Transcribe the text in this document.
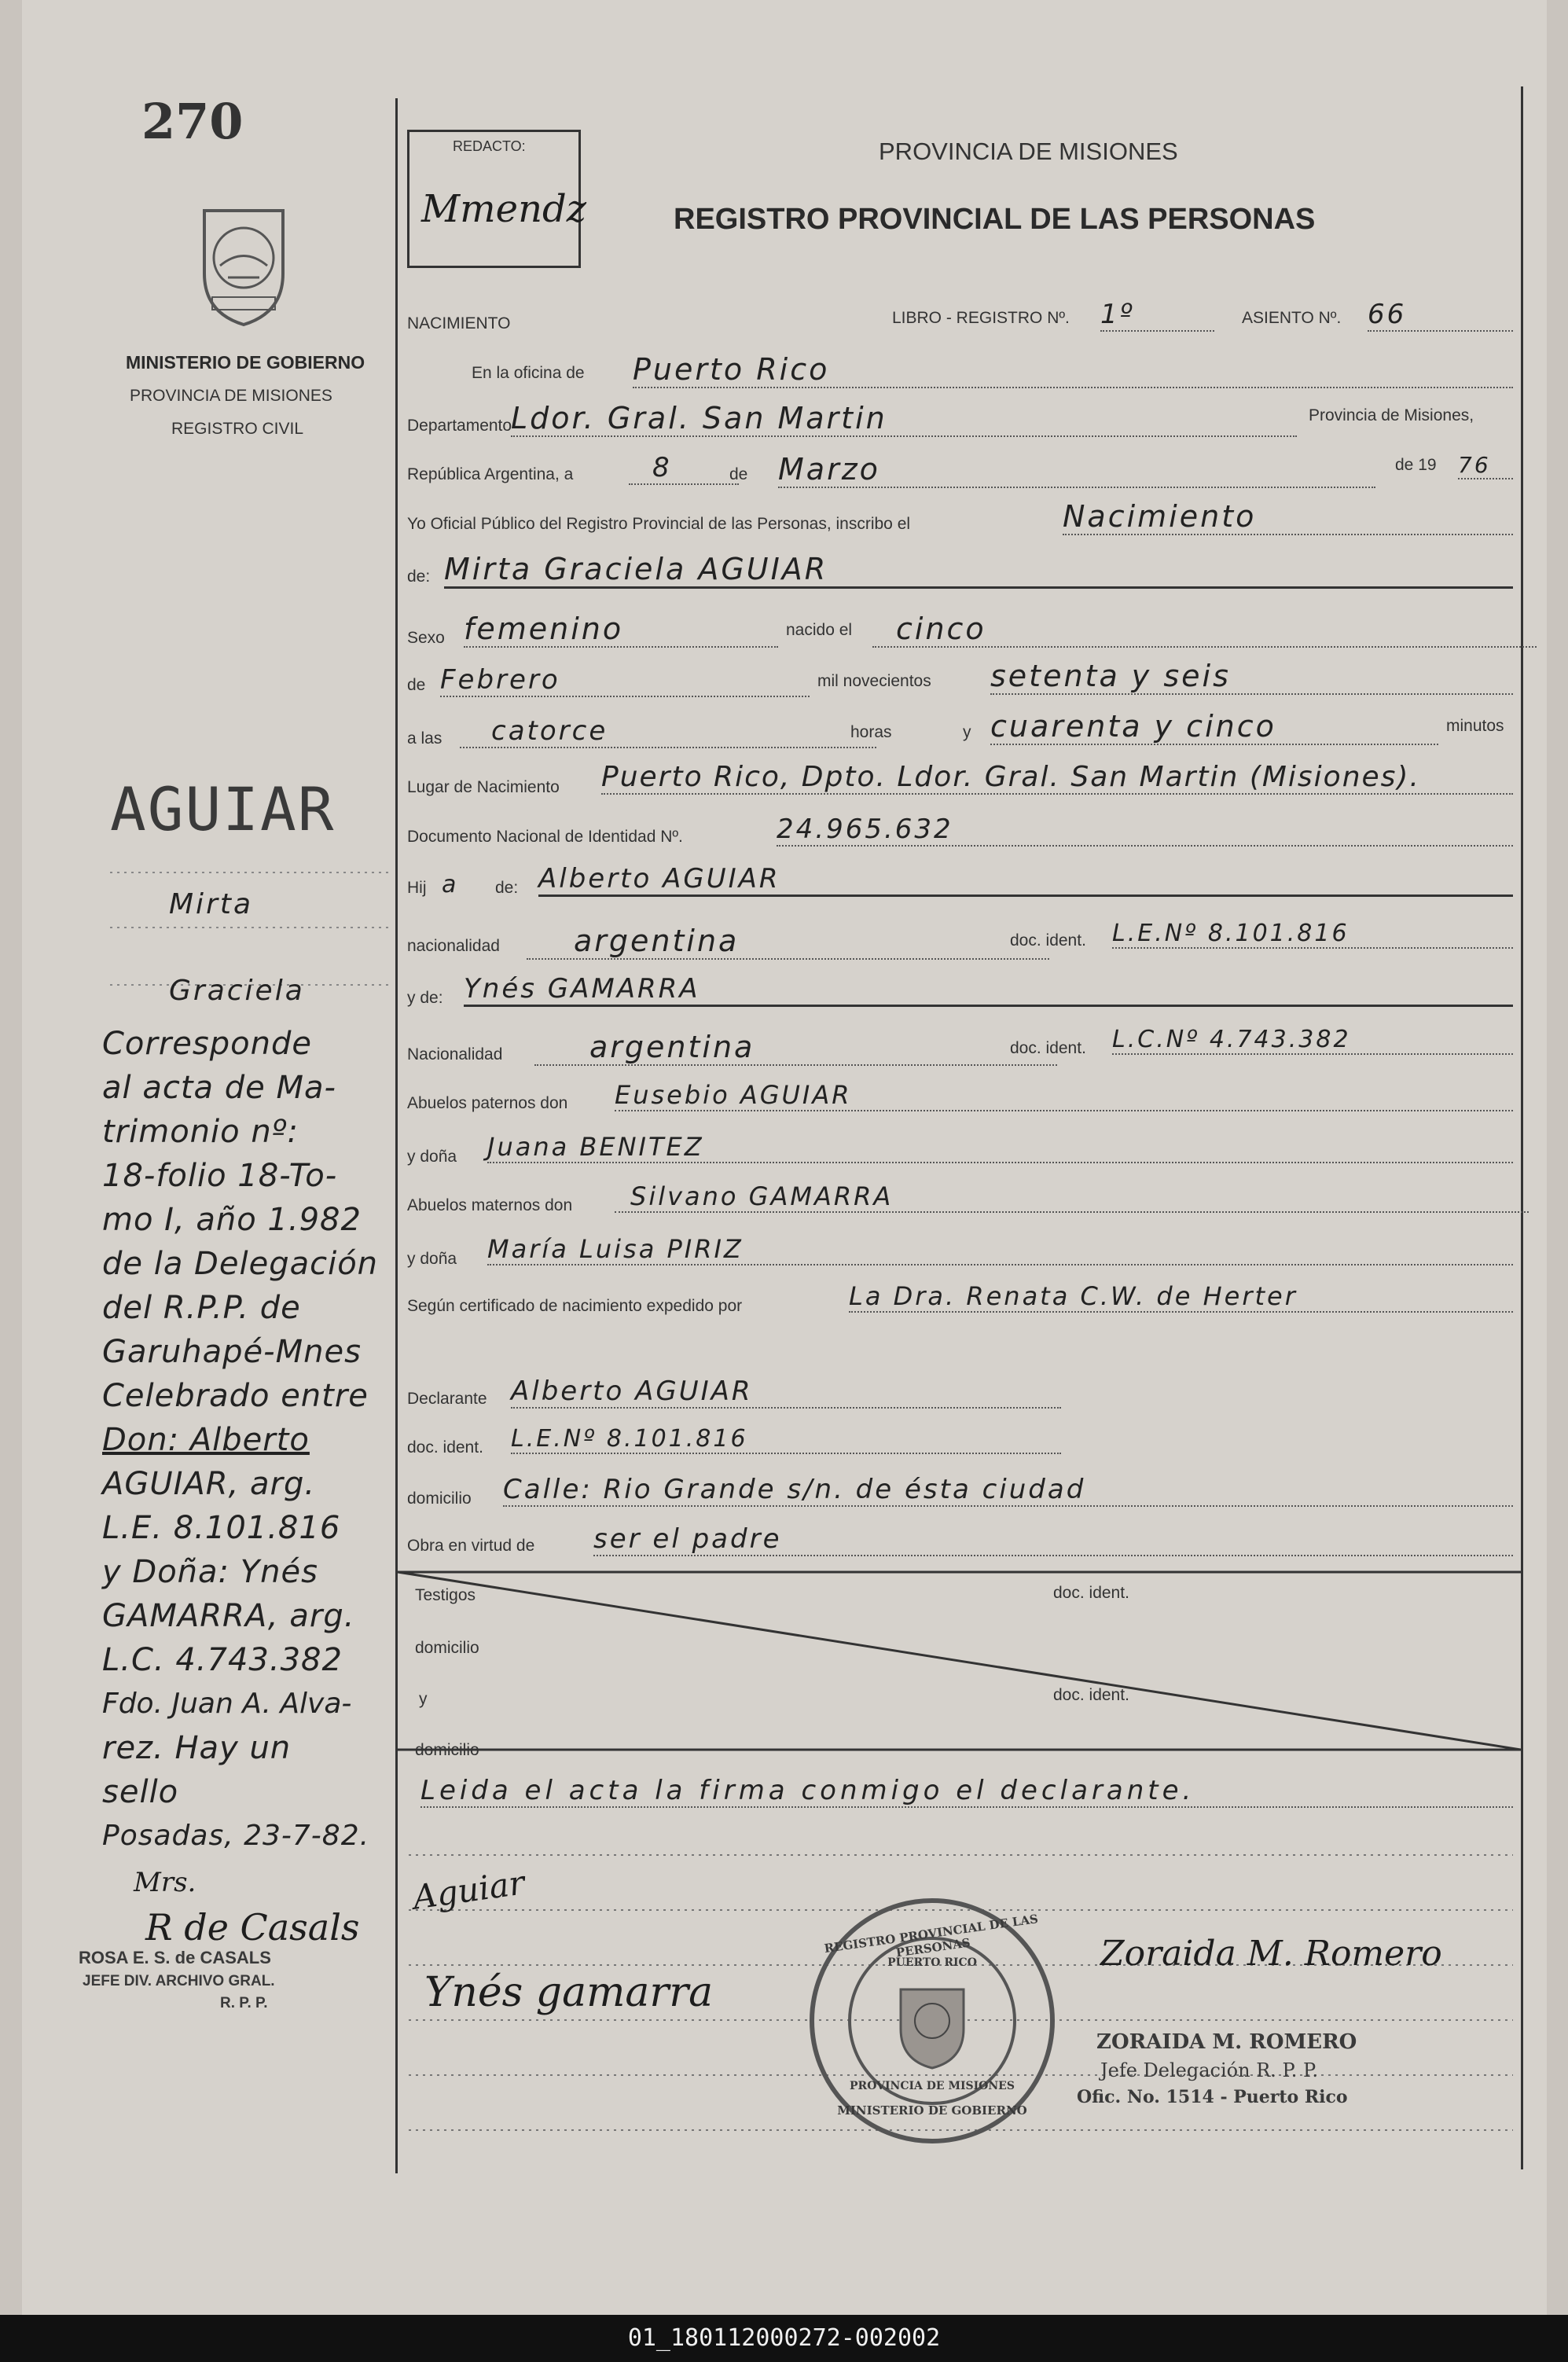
270
MINISTERIO DE GOBIERNO
PROVINCIA DE MISIONES
REGISTRO CIVIL
REDACTO:
Mmendz
PROVINCIA DE MISIONES
REGISTRO PROVINCIAL DE LAS PERSONAS
NACIMIENTO	LIBRO - REGISTRO Nº. 1º	ASIENTO Nº. 66
En la oficina de Puerto Rico
Departamento
Ldor. Gral. San Martin	Provincia de Misiones,
República Argentina, a	8	de Marzo	de 19 76
Yo Oficial Público del Registro Provincial de las Personas, inscribo el	Nacimiento
de: Mirta Graciela AGUIAR
Sexo femenino	nacido el	cinco
de Febrero	mil novecientos setenta y seis
a las	catorce	horas	y cuarenta y cinco	minutos
Lugar de Nacimiento Puerto Rico, Dpto. Ldor. Gral. San Martin (Misiones).
Documento Nacional de Identidad Nº.	24.965.632
Hij a de: Alberto AGUIAR
nacionalidad	argentina	doc. ident. L.E.Nº 8.101.816
y de: Ynés GAMARRA
Nacionalidad	argentina	doc. ident. L.C.Nº 4.743.382
Abuelos paternos don Eusebio AGUIAR
y doña Juana BENITEZ
Abuelos maternos don	Silvano GAMARRA
y doña María Luisa PIRIZ
Según certificado de nacimiento expedido por	La Dra. Renata C.W. de Herter
Declarante Alberto AGUIAR
doc. ident. L.E.Nº 8.101.816
domicilio Calle: Rio Grande s/n. de ésta ciudad
Obra en virtud de ser el padre
Testigos	doc. ident.
domicilio
y	doc. ident.
domicilio
Leida el acta la firma conmigo el declarante.
Aguiar
Ynés gamarra
Zoraida M. Romero
REGISTRO PROVINCIAL DE LAS PERSONAS
PUERTO RICO
PROVINCIA DE MISIONES
MINISTERIO DE GOBIERNO
ZORAIDA M. ROMERO
Jefe Delegación R. P. P.
Ofic. No. 1514 - Puerto Rico
AGUIAR
Mirta
Graciela
Corresponde
al acta de Ma-
trimonio nº:
18-folio 18-To-
mo I, año 1.982
de la Delegación
del R.P.P. de
Garuhapé-Mnes
Celebrado entre
Don: Alberto
AGUIAR, arg.
L.E. 8.101.816
y Doña: Ynés
GAMARRA, arg.
L.C. 4.743.382
Fdo. Juan A. Alva-
rez. Hay un
sello
Posadas, 23-7-82.
Mrs.
R de Casals
ROSA E. S. de CASALS
JEFE DIV. ARCHIVO GRAL.
R. P. P.
01_180112000272-002002
